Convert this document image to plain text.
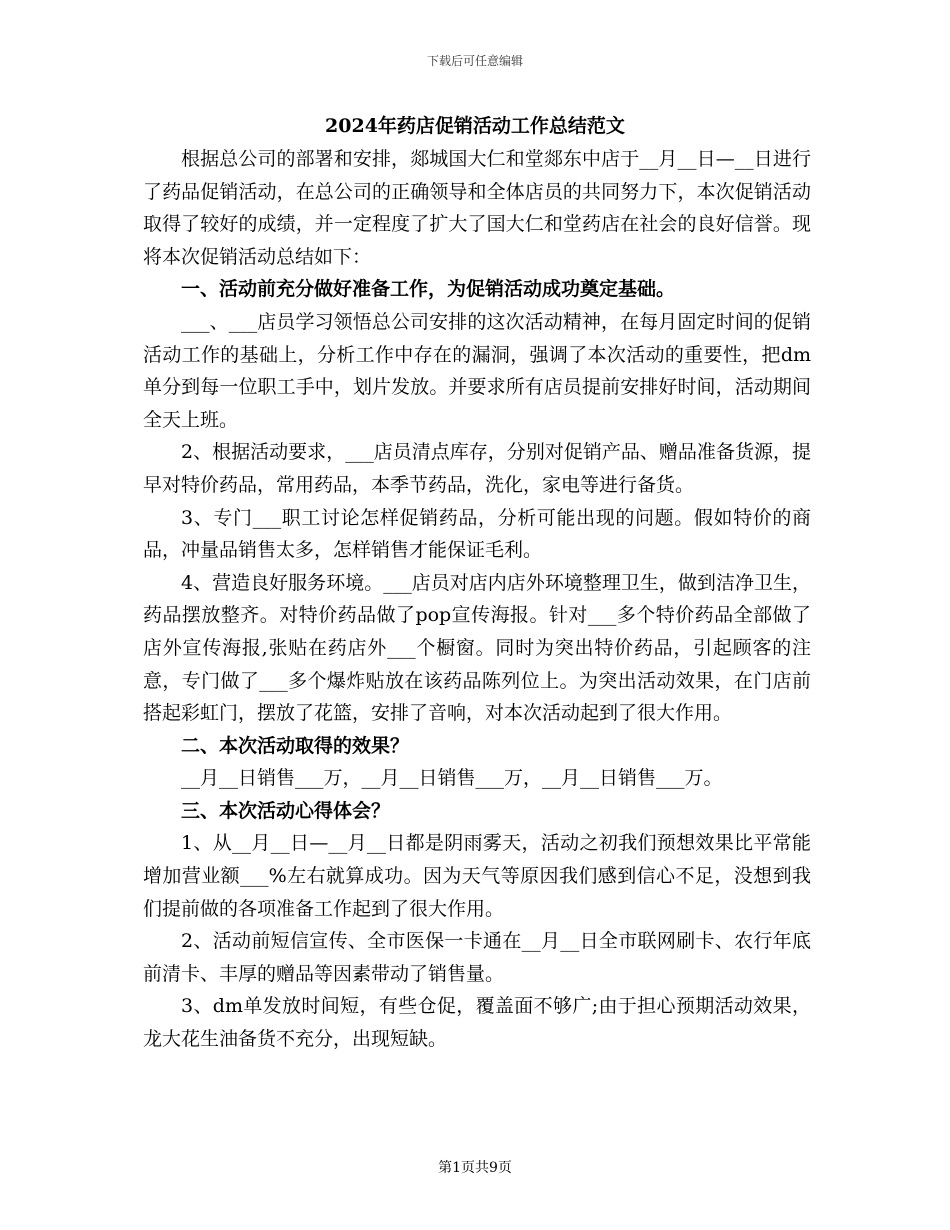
下载后可任意编辑
2024年药店促销活动工作总结范文

根据总公司的部署和安排，郯城国大仁和堂郯东中店于__月__日—__日进行了药品促销活动，在总公司的正确领导和全体店员的共同努力下，本次促销活动取得了较好的成绩，并一定程度了扩大了国大仁和堂药店在社会的良好信誉。现将本次促销活动总结如下：

一、活动前充分做好准备工作，为促销活动成功奠定基础。

___、___店员学习领悟总公司安排的这次活动精神，在每月固定时间的促销活动工作的基础上，分析工作中存在的漏洞，强调了本次活动的重要性，把dm单分到每一位职工手中，划片发放。并要求所有店员提前安排好时间，活动期间全天上班。

2、根据活动要求，___店员清点库存，分别对促销产品、赠品准备货源，提早对特价药品，常用药品，本季节药品，洗化，家电等进行备货。

3、专门___职工讨论怎样促销药品，分析可能出现的问题。假如特价的商品，冲量品销售太多，怎样销售才能保证毛利。

4、营造良好服务环境。___店员对店内店外环境整理卫生，做到洁净卫生，药品摆放整齐。对特价药品做了pop宣传海报。针对___多个特价药品全部做了店外宣传海报,张贴在药店外___个橱窗。同时为突出特价药品，引起顾客的注意，专门做了___多个爆炸贴放在该药品陈列位上。为突出活动效果，在门店前搭起彩虹门，摆放了花篮，安排了音响，对本次活动起到了很大作用。

二、本次活动取得的效果？

__月__日销售___万，__月__日销售___万，__月__日销售___万。

三、本次活动心得体会？

1、从__月__日—__月__日都是阴雨雾天，活动之初我们预想效果比平常能增加营业额___%左右就算成功。因为天气等原因我们感到信心不足，没想到我们提前做的各项准备工作起到了很大作用。

2、活动前短信宣传、全市医保一卡通在__月__日全市联网刷卡、农行年底前清卡、丰厚的赠品等因素带动了销售量。

3、dm单发放时间短，有些仓促，覆盖面不够广;由于担心预期活动效果，龙大花生油备货不充分，出现短缺。

第1页共9页
